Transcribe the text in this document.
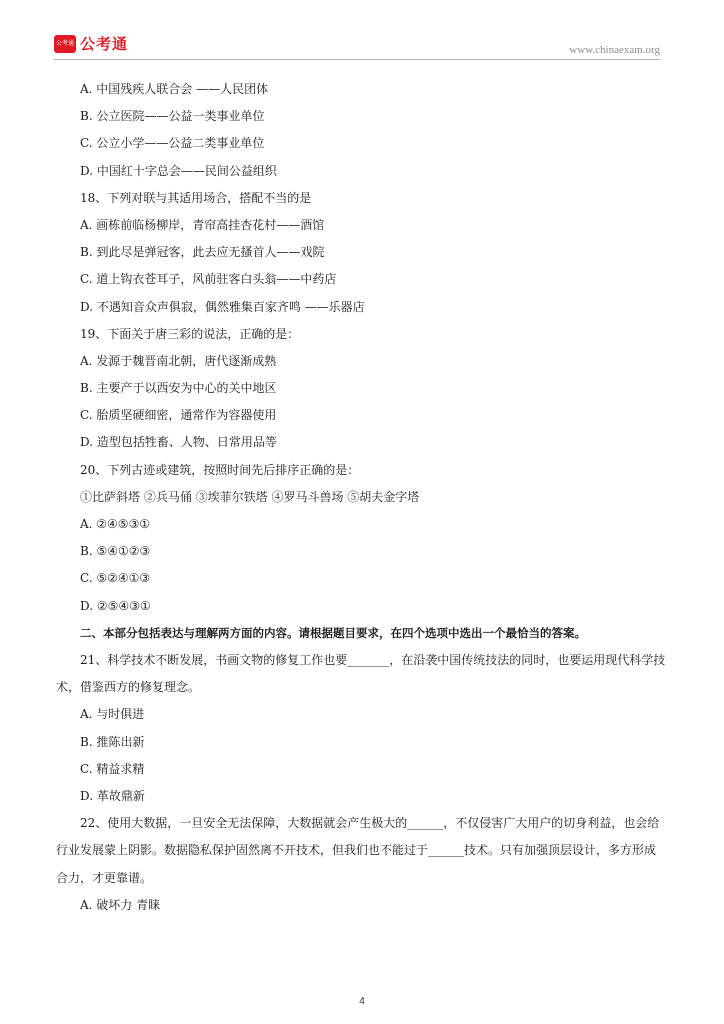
公考通 公考通	www.chinaexam.org
A. 中国残疾人联合会 ——人民团体
B. 公立医院——公益一类事业单位
C. 公立小学——公益二类事业单位
D. 中国红十字总会——民间公益组织
18、下列对联与其适用场合，搭配不当的是
A. 画栋前临杨柳岸，青帘高挂杏花村——酒馆
B. 到此尽是弹冠客，此去应无搔首人——戏院
C. 道上钩衣苍耳子，风前驻客白头翁——中药店
D. 不遇知音众声俱寂，偶然雅集百家齐鸣 ——乐器店
19、下面关于唐三彩的说法，正确的是：
A. 发源于魏晋南北朝，唐代逐渐成熟
B. 主要产于以西安为中心的关中地区
C. 胎质坚硬细密，通常作为容器使用
D. 造型包括牲畜、人物、日常用品等
20、下列古迹或建筑，按照时间先后排序正确的是：
①比萨斜塔 ②兵马俑 ③埃菲尔铁塔 ④罗马斗兽场 ⑤胡夫金字塔
A. ②④⑤③①
B. ⑤④①②③
C. ⑤②④①③
D. ②⑤④③①
二、本部分包括表达与理解两方面的内容。请根据题目要求，在四个选项中选出一个最恰当的答案。
21、科学技术不断发展，书画文物的修复工作也要_______，在沿袭中国传统技法的同时，也要运用现代科学技术，借鉴西方的修复理念。
A. 与时俱进
B. 推陈出新
C. 精益求精
D. 革故鼎新
22、使用大数据，一旦安全无法保障，大数据就会产生极大的______，不仅侵害广大用户的切身利益，也会给行业发展蒙上阴影。数据隐私保护固然离不开技术，但我们也不能过于______技术。只有加强顶层设计，多方形成合力，才更靠谱。
A. 破坏力 青睐
4
